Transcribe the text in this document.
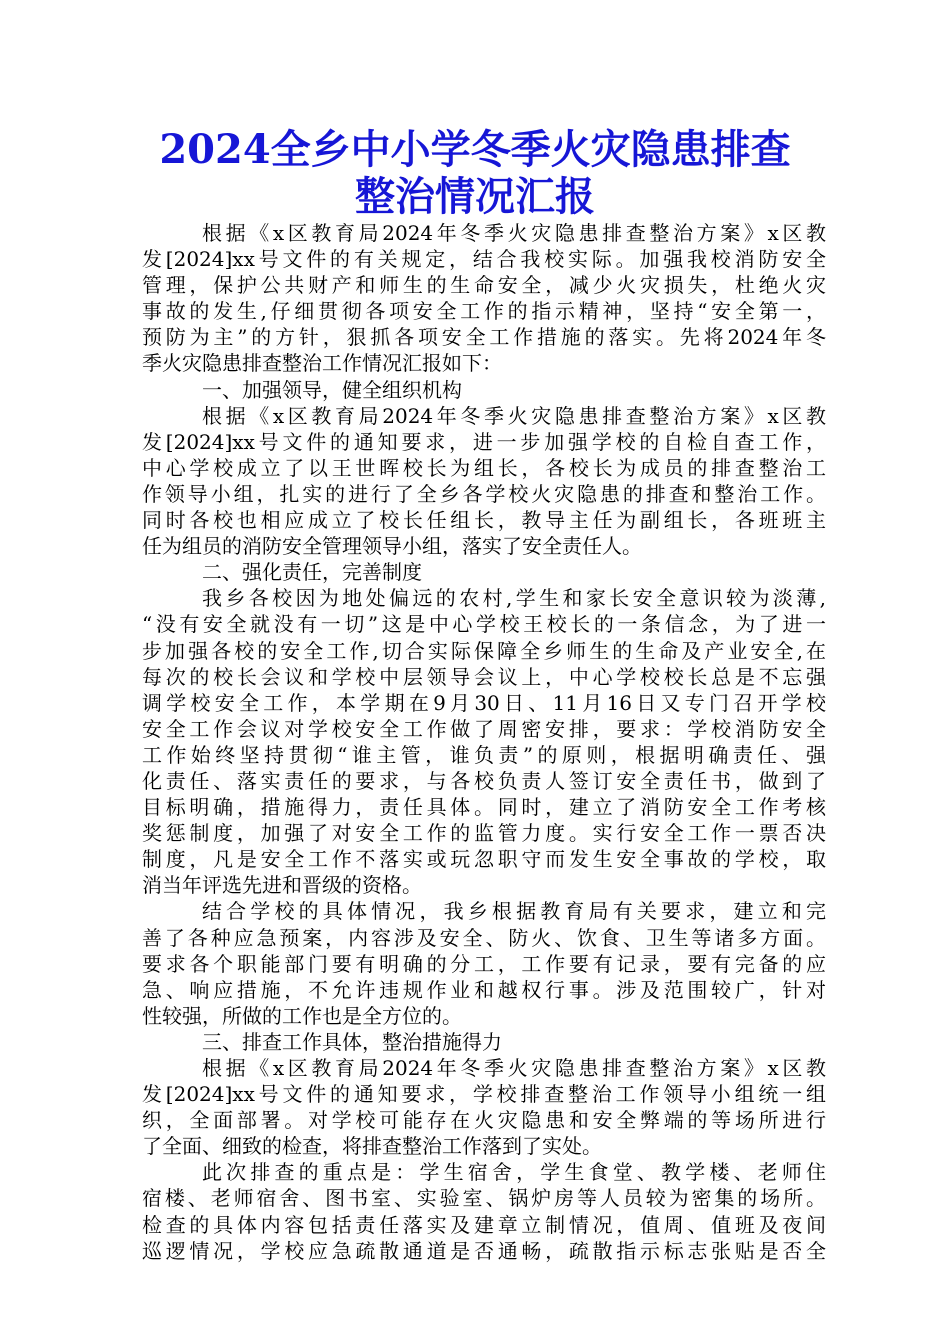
2024全乡中小学冬季火灾隐患排查
整治情况汇报
根据《x区教育局2024年冬季火灾隐患排查整治方案》x区教
发[2024]xx号文件的有关规定，结合我校实际。加强我校消防安全
管理，保护公共财产和师生的生命安全，减少火灾损失，杜绝火灾
事故的发生,仔细贯彻各项安全工作的指示精神，坚持“安全第一，
预防为主”的方针，狠抓各项安全工作措施的落实。先将2024年冬
季火灾隐患排查整治工作情况汇报如下：
一、加强领导，健全组织机构
根据《x区教育局2024年冬季火灾隐患排查整治方案》x区教
发[2024]xx号文件的通知要求，进一步加强学校的自检自查工作，
中心学校成立了以王世晖校长为组长，各校长为成员的排查整治工
作领导小组，扎实的进行了全乡各学校火灾隐患的排查和整治工作。
同时各校也相应成立了校长任组长，教导主任为副组长，各班班主
任为组员的消防安全管理领导小组，落实了安全责任人。
二、强化责任，完善制度
我乡各校因为地处偏远的农村,学生和家长安全意识较为淡薄,
“没有安全就没有一切”这是中心学校王校长的一条信念，为了进一
步加强各校的安全工作,切合实际保障全乡师生的生命及产业安全,在
每次的校长会议和学校中层领导会议上，中心学校校长总是不忘强
调学校安全工作，本学期在9月30日、11月16日又专门召开学校
安全工作会议对学校安全工作做了周密安排，要求：学校消防安全
工作始终坚持贯彻“谁主管，谁负责”的原则，根据明确责任、强
化责任、落实责任的要求，与各校负责人签订安全责任书，做到了
目标明确，措施得力，责任具体。同时，建立了消防安全工作考核
奖惩制度，加强了对安全工作的监管力度。实行安全工作一票否决
制度，凡是安全工作不落实或玩忽职守而发生安全事故的学校，取
消当年评选先进和晋级的资格。
结合学校的具体情况，我乡根据教育局有关要求，建立和完
善了各种应急预案，内容涉及安全、防火、饮食、卫生等诸多方面。
要求各个职能部门要有明确的分工，工作要有记录，要有完备的应
急、响应措施，不允许违规作业和越权行事。涉及范围较广，针对
性较强，所做的工作也是全方位的。
三、排查工作具体，整治措施得力
根据《x区教育局2024年冬季火灾隐患排查整治方案》x区教
发[2024]xx号文件的通知要求，学校排查整治工作领导小组统一组
织，全面部署。对学校可能存在火灾隐患和安全弊端的等场所进行
了全面、细致的检查，将排查整治工作落到了实处。
此次排查的重点是：学生宿舍，学生食堂、教学楼、老师住
宿楼、老师宿舍、图书室、实验室、锅炉房等人员较为密集的场所。
检查的具体内容包括责任落实及建章立制情况，值周、值班及夜间
巡逻情况，学校应急疏散通道是否通畅，疏散指示标志张贴是否全
